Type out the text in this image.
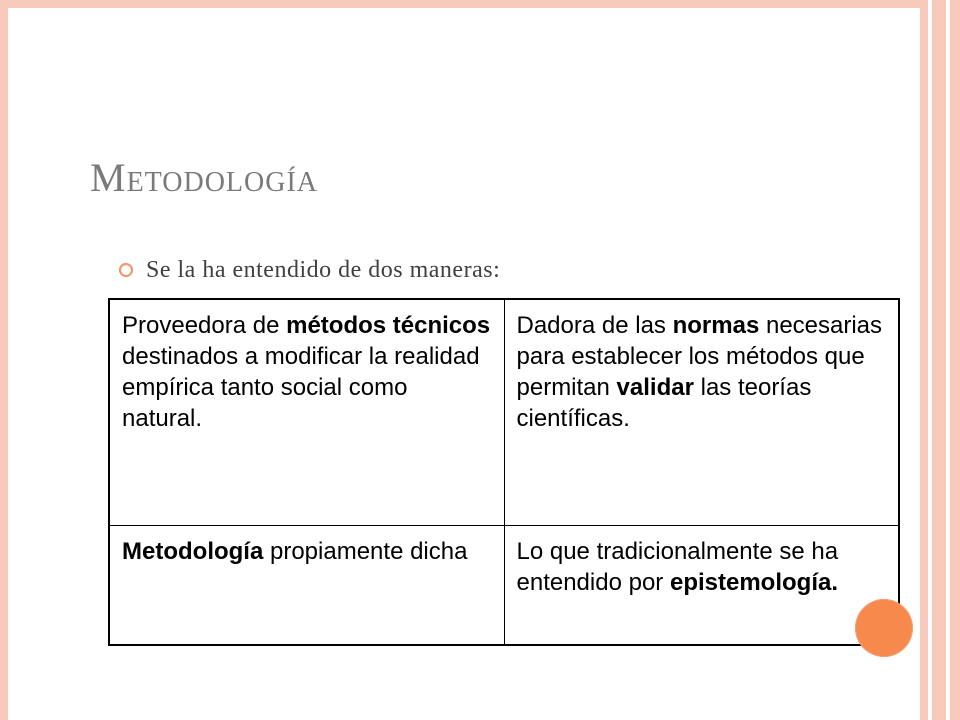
Metodología
Se la ha entendido de dos maneras:
Proveedora de métodos técnicos destinados a modificar la realidad empírica tanto social como natural.	Dadora de las normas necesarias para establecer los métodos que permitan validar las teorías científicas.
Metodología propiamente dicha	Lo que tradicionalmente se ha entendido por epistemología.
